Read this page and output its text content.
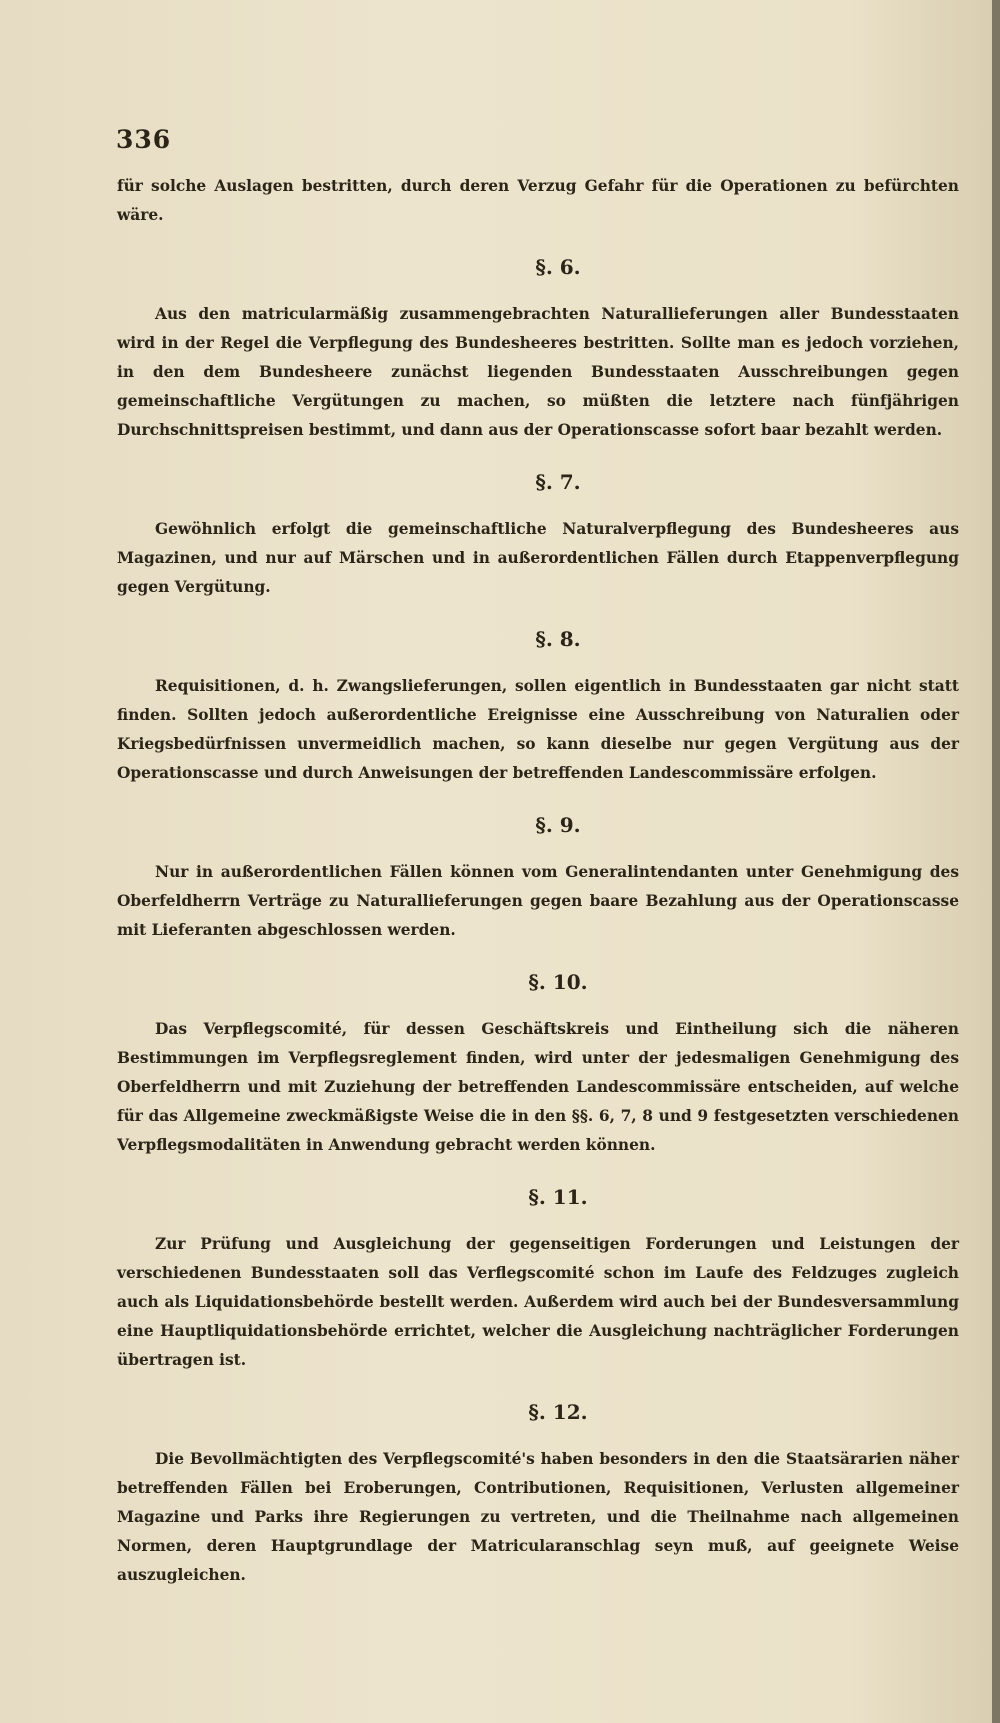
336

für solche Auslagen bestritten, durch deren Verzug Gefahr für die Operationen zu befürchten wäre.

§. 6.

Aus den matricularmäßig zusammengebrachten Naturallieferungen aller Bundesstaaten wird in der Regel die Verpflegung des Bundesheeres bestritten. Sollte man es jedoch vorziehen, in den dem Bundesheere zunächst liegenden Bundesstaaten Ausschreibungen gegen gemeinschaftliche Vergütungen zu machen, so müßten die letztere nach fünfjährigen Durchschnittspreisen bestimmt, und dann aus der Operationscasse sofort baar bezahlt werden.

§. 7.

Gewöhnlich erfolgt die gemeinschaftliche Naturalverpflegung des Bundesheeres aus Magazinen, und nur auf Märschen und in außerordentlichen Fällen durch Etappenverpflegung gegen Vergütung.

§. 8.

Requisitionen, d. h. Zwangslieferungen, sollen eigentlich in Bundesstaaten gar nicht statt finden. Sollten jedoch außerordentliche Ereignisse eine Ausschreibung von Naturalien oder Kriegsbedürfnissen unvermeidlich machen, so kann dieselbe nur gegen Vergütung aus der Operationscasse und durch Anweisungen der betreffenden Landescommissäre erfolgen.

§. 9.

Nur in außerordentlichen Fällen können vom Generalintendanten unter Genehmigung des Oberfeldherrn Verträge zu Naturallieferungen gegen baare Bezahlung aus der Operationscasse mit Lieferanten abgeschlossen werden.

§. 10.

Das Verpflegscomité, für dessen Geschäftskreis und Eintheilung sich die näheren Bestimmungen im Verpflegsreglement finden, wird unter der jedesmaligen Genehmigung des Oberfeldherrn und mit Zuziehung der betreffenden Landescommissäre entscheiden, auf welche für das Allgemeine zweckmäßigste Weise die in den §§. 6, 7, 8 und 9 festgesetzten verschiedenen Verpflegsmodalitäten in Anwendung gebracht werden können.

§. 11.

Zur Prüfung und Ausgleichung der gegenseitigen Forderungen und Leistungen der verschiedenen Bundesstaaten soll das Verflegscomité schon im Laufe des Feldzuges zugleich auch als Liquidationsbehörde bestellt werden. Außerdem wird auch bei der Bundesversammlung eine Hauptliquidationsbehörde errichtet, welcher die Ausgleichung nachträglicher Forderungen übertragen ist.

§. 12.

Die Bevollmächtigten des Verpflegscomité's haben besonders in den die Staatsärarien näher betreffenden Fällen bei Eroberungen, Contributionen, Requisitionen, Verlusten allgemeiner Magazine und Parks ihre Regierungen zu vertreten, und die Theilnahme nach allgemeinen Normen, deren Hauptgrundlage der Matricularanschlag seyn muß, auf geeignete Weise auszugleichen.
